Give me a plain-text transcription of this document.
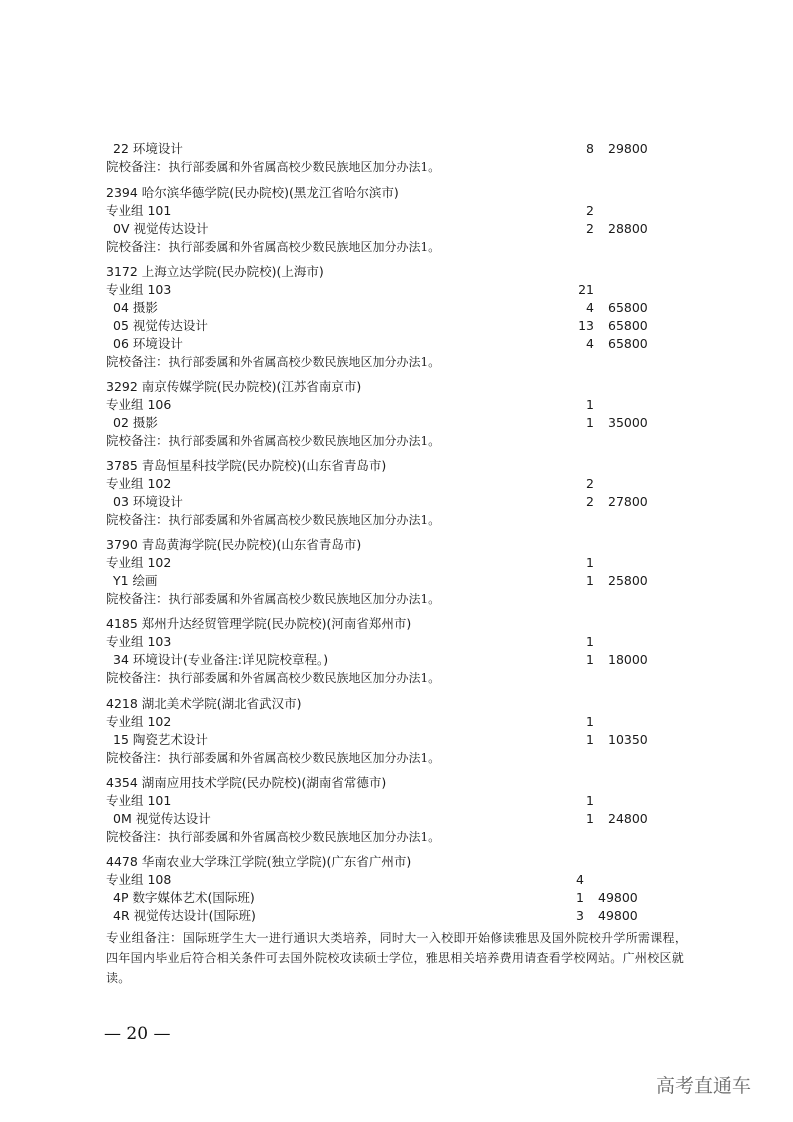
22 环境设计	8 29800
院校备注：执行部委属和外省属高校少数民族地区加分办法1。
2394 哈尔滨华德学院(民办院校)(黑龙江省哈尔滨市)
专业组 101	2
0V 视觉传达设计	2 28800
院校备注：执行部委属和外省属高校少数民族地区加分办法1。
3172 上海立达学院(民办院校)(上海市)
专业组 103	21
04 摄影	4 65800
05 视觉传达设计	13 65800
06 环境设计	4 65800
院校备注：执行部委属和外省属高校少数民族地区加分办法1。
3292 南京传媒学院(民办院校)(江苏省南京市)
专业组 106	1
02 摄影	1 35000
院校备注：执行部委属和外省属高校少数民族地区加分办法1。
3785 青岛恒星科技学院(民办院校)(山东省青岛市)
专业组 102	2
03 环境设计	2 27800
院校备注：执行部委属和外省属高校少数民族地区加分办法1。
3790 青岛黄海学院(民办院校)(山东省青岛市)
专业组 102	1
Y1 绘画	1 25800
院校备注：执行部委属和外省属高校少数民族地区加分办法1。
4185 郑州升达经贸管理学院(民办院校)(河南省郑州市)
专业组 103	1
34 环境设计(专业备注:详见院校章程。)	1 18000
院校备注：执行部委属和外省属高校少数民族地区加分办法1。
4218 湖北美术学院(湖北省武汉市)
专业组 102	1
15 陶瓷艺术设计	1 10350
院校备注：执行部委属和外省属高校少数民族地区加分办法1。
4354 湖南应用技术学院(民办院校)(湖南省常德市)
专业组 101	1
0M 视觉传达设计	1 24800
院校备注：执行部委属和外省属高校少数民族地区加分办法1。
4478 华南农业大学珠江学院(独立学院)(广东省广州市)
专业组 108	4
4P 数字媒体艺术(国际班)	1 49800
4R 视觉传达设计(国际班)	3 49800
专业组备注：国际班学生大一进行通识大类培养，同时大一入校即开始修读雅思及国外院校升学所需课程，四年国内毕业后符合相关条件可去国外院校攻读硕士学位，雅思相关培养费用请查看学校网站。广州校区就读。
— 20 —
高考直通车
